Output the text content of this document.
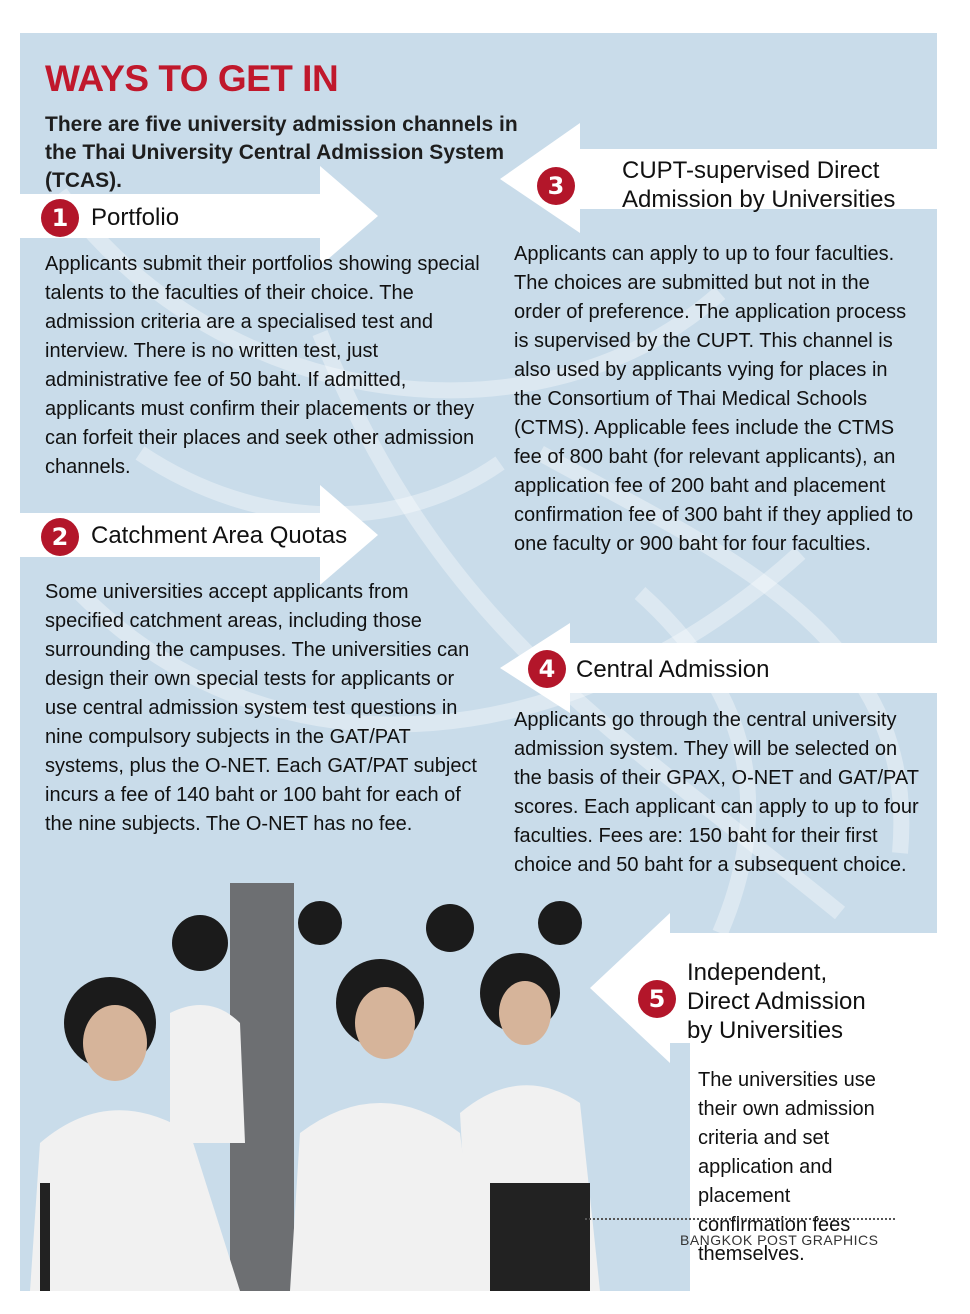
WAYS TO GET IN
There are five university admission channels in the Thai University Central Admission System (TCAS).
1 Portfolio
Applicants submit their portfolios showing special talents to the faculties of their choice. The admission criteria are a specialised test and interview. There is no written test, just administrative fee of 50 baht. If admitted, applicants must confirm their placements or they can forfeit their places and seek other admission channels.
2 Catchment Area Quotas
Some universities accept applicants from specified catchment areas, including those surrounding the campuses. The universities can design their own special tests for applicants or use central admission system test questions in nine compulsory subjects in the GAT/PAT systems, plus the O-NET. Each GAT/PAT subject incurs a fee of 140 baht or 100 baht for each of the nine subjects. The O-NET has no fee.
3
CUPT-supervised Direct Admission by Universities
Applicants can apply to up to four faculties. The choices are submitted but not in the order of preference. The application process is supervised by the CUPT. This channel is also used by applicants vying for places in the Consortium of Thai Medical Schools (CTMS). Applicable fees include the CTMS fee of 800 baht (for relevant applicants), an application fee of 200 baht and placement confirmation fee of 300 baht if they applied to one faculty or 900 baht for four faculties.
4 Central Admission
Applicants go through the central university admission system. They will be selected on the basis of their GPAX, O-NET and GAT/PAT scores. Each applicant can apply to up to four faculties. Fees are: 150 baht for their first choice and 50 baht for a subsequent choice.
5
Independent, Direct Admission by Universities
The universities use their own admission criteria and set application and placement confirmation fees themselves.
BANGKOK POST GRAPHICS
